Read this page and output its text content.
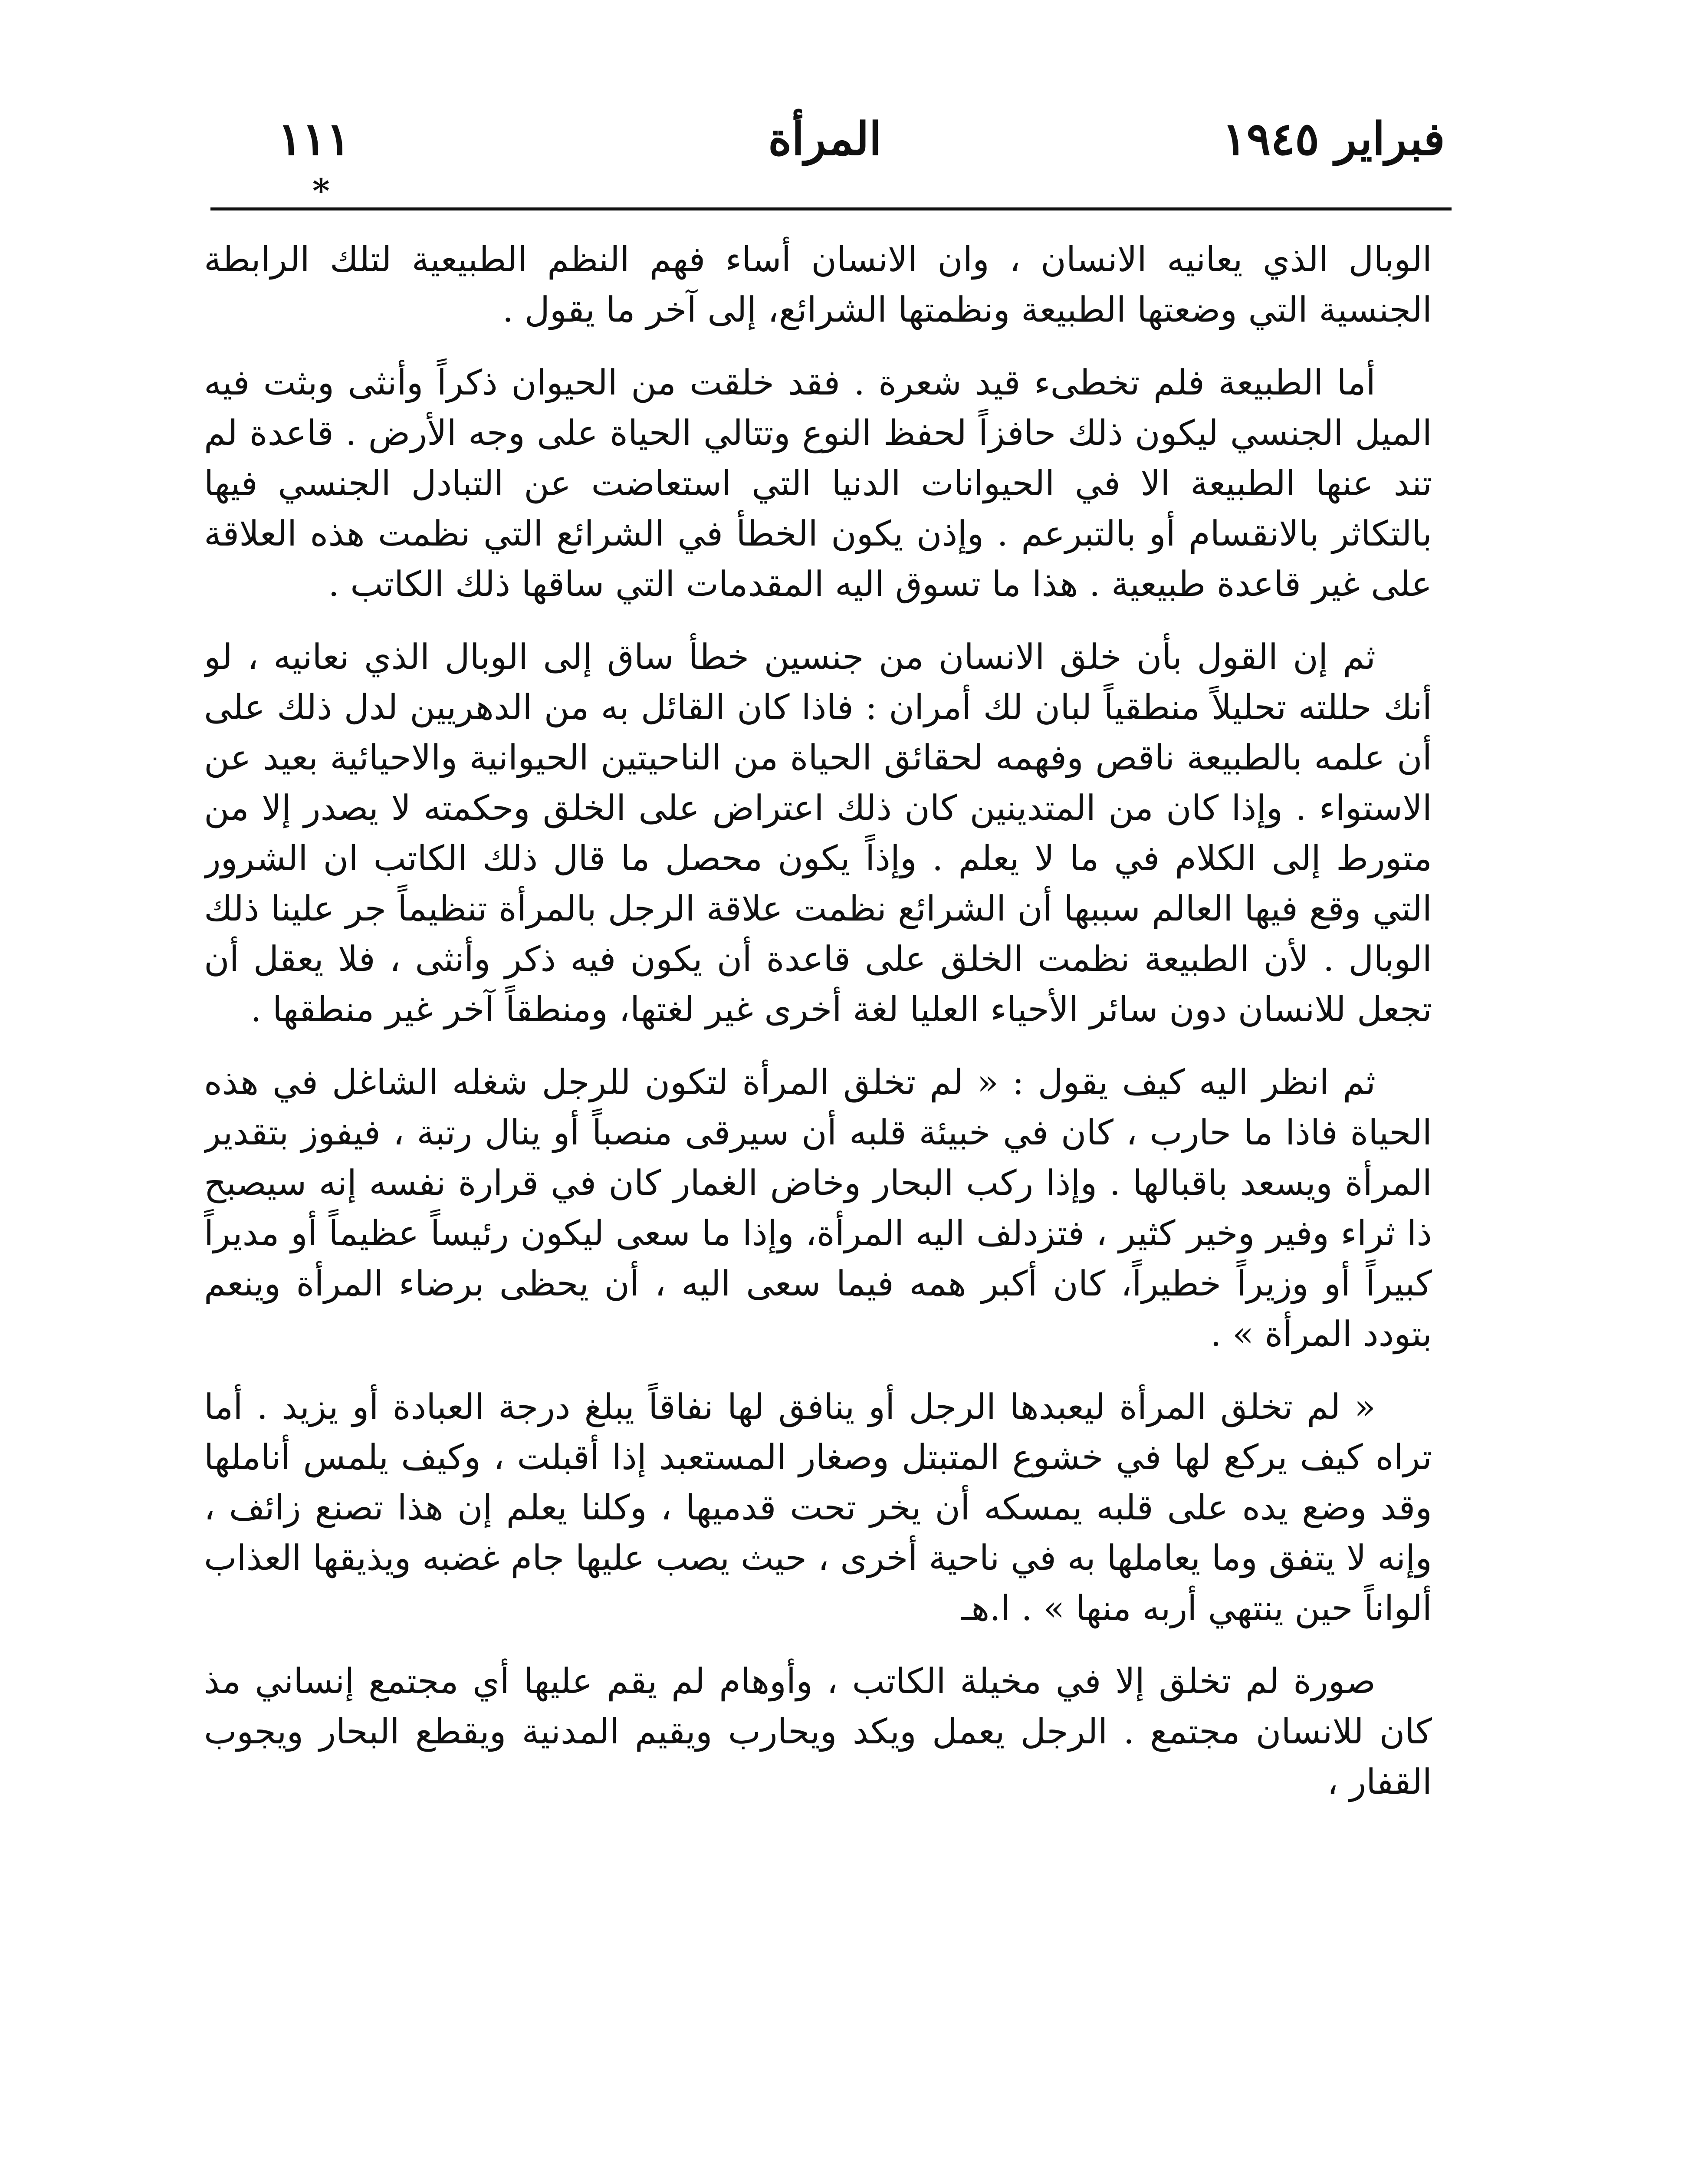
١١١	المرأة	فبراير ١٩٤٥
*

الوبال الذي يعانيه الانسان ، وان الانسان أساء فهم النظم الطبيعية لتلك الرابطة الجنسية التي وضعتها الطبيعة ونظمتها الشرائع، إلى آخر ما يقول .

أما الطبيعة فلم تخطىء قيد شعرة . فقد خلقت من الحيوان ذكراً وأنثى وبثت فيه الميل الجنسي ليكون ذلك حافزاً لحفظ النوع وتتالي الحياة على وجه الأرض . قاعدة لم تند عنها الطبيعة الا في الحيوانات الدنيا التي استعاضت عن التبادل الجنسي فيها بالتكاثر بالانقسام أو بالتبرعم . وإذن يكون الخطأ في الشرائع التي نظمت هذه العلاقة على غير قاعدة طبيعية . هذا ما تسوق اليه المقدمات التي ساقها ذلك الكاتب .

ثم إن القول بأن خلق الانسان من جنسين خطأ ساق إلى الوبال الذي نعانيه ، لو أنك حللته تحليلاً منطقياً لبان لك أمران : فاذا كان القائل به من الدهريين لدل ذلك على أن علمه بالطبيعة ناقص وفهمه لحقائق الحياة من الناحيتين الحيوانية والاحيائية بعيد عن الاستواء . وإذا كان من المتدينين كان ذلك اعتراض على الخلق وحكمته لا يصدر إلا من متورط إلى الكلام في ما لا يعلم . وإذاً يكون محصل ما قال ذلك الكاتب ان الشرور التي وقع فيها العالم سببها أن الشرائع نظمت علاقة الرجل بالمرأة تنظيماً جر علينا ذلك الوبال . لأن الطبيعة نظمت الخلق على قاعدة أن يكون فيه ذكر وأنثى ، فلا يعقل أن تجعل للانسان دون سائر الأحياء العليا لغة أخرى غير لغتها، ومنطقاً آخر غير منطقها .

ثم انظر اليه كيف يقول : « لم تخلق المرأة لتكون للرجل شغله الشاغل في هذه الحياة فاذا ما حارب ، كان في خبيئة قلبه أن سيرقى منصباً أو ينال رتبة ، فيفوز بتقدير المرأة ويسعد باقبالها . وإذا ركب البحار وخاض الغمار كان في قرارة نفسه إنه سيصبح ذا ثراء وفير وخير كثير ، فتزدلف اليه المرأة، وإذا ما سعى ليكون رئيساً عظيماً أو مديراً كبيراً أو وزيراً خطيراً، كان أكبر همه فيما سعى اليه ، أن يحظى برضاء المرأة وينعم بتودد المرأة » .

« لم تخلق المرأة ليعبدها الرجل أو ينافق لها نفاقاً يبلغ درجة العبادة أو يزيد . أما تراه كيف يركع لها في خشوع المتبتل وصغار المستعبد إذا أقبلت ، وكيف يلمس أناملها وقد وضع يده على قلبه يمسكه أن يخر تحت قدميها ، وكلنا يعلم إن هذا تصنع زائف ، وإنه لا يتفق وما يعاملها به في ناحية أخرى ، حيث يصب عليها جام غضبه ويذيقها العذاب ألواناً حين ينتهي أربه منها » . ا.هـ

صورة لم تخلق إلا في مخيلة الكاتب ، وأوهام لم يقم عليها أي مجتمع إنساني مذ كان للانسان مجتمع . الرجل يعمل ويكد ويحارب ويقيم المدنية ويقطع البحار ويجوب القفار ،
